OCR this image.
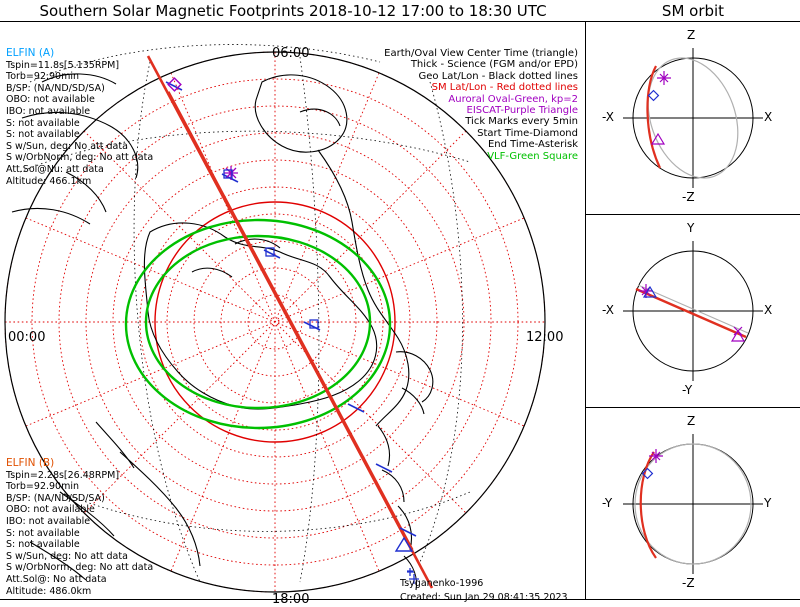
Southern Solar Magnetic Footprints 2018-10-12 17:00 to 18:30 UTC	SM orbit
06:00
12:00
18:00
00:00
Earth/Oval View Center Time (triangle)
Thick - Science (FGM and/or EPD)
Geo Lat/Lon - Black dotted lines
SM Lat/Lon - Red dotted lines
Auroral Oval-Green, kp=2
EISCAT-Purple Triangle
Tick Marks every 5min
Start Time-Diamond
End Time-Asterisk
VLF-Green Square
ELFIN (A)
Tspin=11.8s[5.135RPM]
Torb=92.90min
B/SP: (NA/ND/SD/SA)
OBO: not available
IBO: not available
S: not available
S: not available
S w/Sun, deg: No att data
S w/OrbNorm, deg: No att data
Att.Sol@Nu: att data
Altitude: 466.1km
ELFIN (B)
Tspin=2.28s[26.48RPM]
Torb=92.90min
B/SP: (NA/ND/SD/SA)
OBO: not available
IBO: not available
S: not available
S: not available
S w/Sun, deg: No att data
S w/OrbNorm, deg: No att data
Att.Sol@: No att data
Altitude: 486.0km
Tsyganenko-1996
Created: Sun Jan 29 08:41:35 2023
Z
-Z
X
-X
Y
-Y
X
-X
Z
-Z
Y
-Y
